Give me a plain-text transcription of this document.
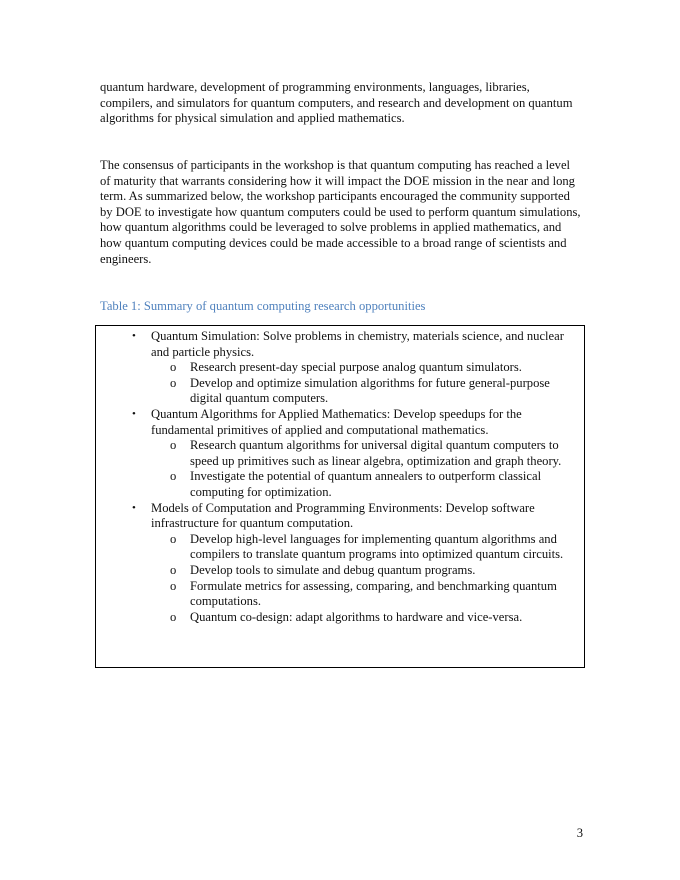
quantum hardware, development of programming environments, languages, libraries, compilers, and simulators for quantum computers, and research and development on quantum algorithms for physical simulation and applied mathematics.

The consensus of participants in the workshop is that quantum computing has reached a level of maturity that warrants considering how it will impact the DOE mission in the near and long term. As summarized below, the workshop participants encouraged the community supported by DOE to investigate how quantum computers could be used to perform quantum simulations, how quantum algorithms could be leveraged to solve problems in applied mathematics, and how quantum computing devices could be made accessible to a broad range of scientists and engineers.

Table 1: Summary of quantum computing research opportunities

• Quantum Simulation: Solve problems in chemistry, materials science, and nuclear and particle physics.
o Research present-day special purpose analog quantum simulators.
o Develop and optimize simulation algorithms for future general-purpose digital quantum computers.
• Quantum Algorithms for Applied Mathematics: Develop speedups for the fundamental primitives of applied and computational mathematics.
o Research quantum algorithms for universal digital quantum computers to speed up primitives such as linear algebra, optimization and graph theory.
o Investigate the potential of quantum annealers to outperform classical computing for optimization.
• Models of Computation and Programming Environments: Develop software infrastructure for quantum computation.
o Develop high-level languages for implementing quantum algorithms and compilers to translate quantum programs into optimized quantum circuits.
o Develop tools to simulate and debug quantum programs.
o Formulate metrics for assessing, comparing, and benchmarking quantum computations.
o Quantum co-design: adapt algorithms to hardware and vice-versa.

3
